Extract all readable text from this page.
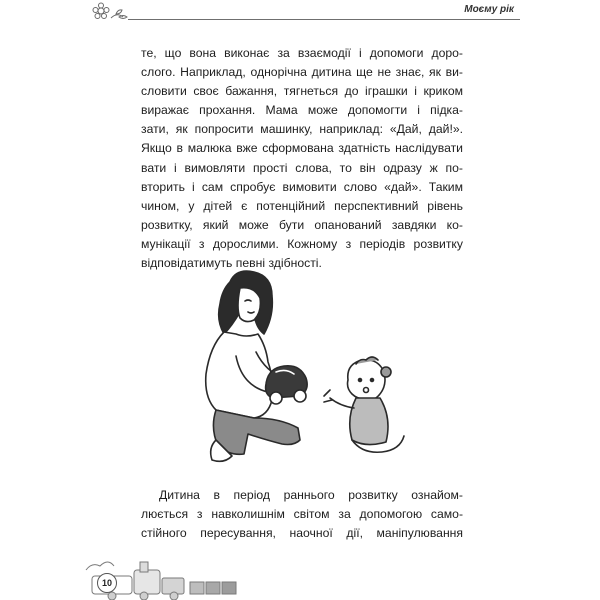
Моєму рік

те, що вона виконає за взаємодії і допомоги доро-
слого. Наприклад, однорічна дитина ще не знає, як ви-
словити своє бажання, тягнеться до іграшки і криком
виражає прохання. Мама може допомогти і підка-
зати, як попросити машинку, наприклад: «Дай, дай!».
Якщо в малюка вже сформована здатність наслідувати
вати і вимовляти прості слова, то він одразу ж по-
вторить і сам спробує вимовити слово «дай». Таким
чином, у дітей є потенційний перспективний рівень
розвитку, який може бути опанований завдяки ко-
мунікації з дорослими. Кожному з періодів розвитку
відповідатимуть певні здібності.

Дитина в період раннього розвитку ознайом-
люється з навколишнім світом за допомогою само-
стійного пересування, наочної дії, маніпулювання

10
